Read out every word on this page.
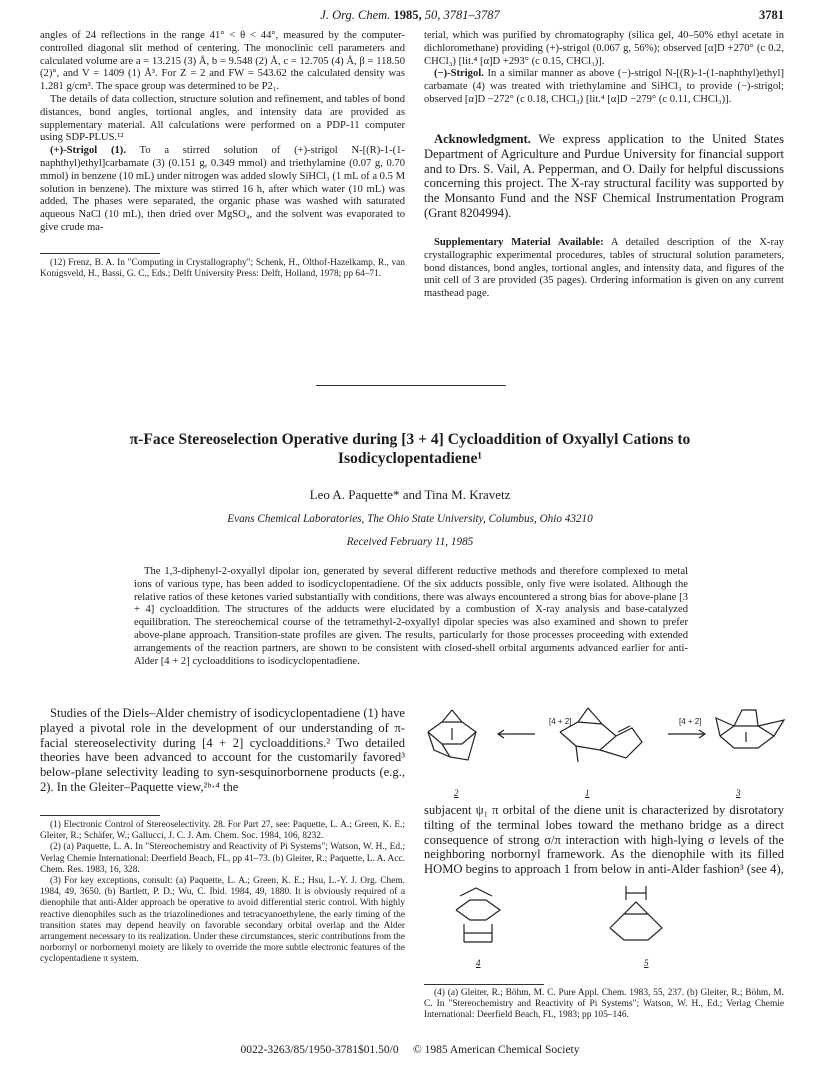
J. Org. Chem. 1985, 50, 3781–3787	3781

angles of 24 reflections in the range 41° < θ < 44°, measured by the computer-controlled diagonal slit method of centering. The monoclinic cell parameters and calculated volume are a = 13.215 (3) Å, b = 9.548 (2) Å, c = 12.705 (4) Å, β = 118.50 (2)°, and V = 1409 (1) Å³. For Z = 2 and FW = 543.62 the calculated density was 1.281 g/cm³. The space group was determined to be P2₁.

The details of data collection, structure solution and refinement, and tables of bond distances, bond angles, tortional angles, and intensity data are provided as supplementary material. All calculations were performed on a PDP-11 computer using SDP-PLUS.¹²

(+)-Strigol (1). To a stirred solution of (+)-strigol N-[(R)-1-(1-naphthyl)ethyl]carbamate (3) (0.151 g, 0.349 mmol) and triethylamine (0.07 g, 0.70 mmol) in benzene (10 mL) under nitrogen was added slowly SiHCl₃ (1 mL of a 0.5 M solution in benzene). The mixture was stirred 16 h, after which water (10 mL) was added. The phases were separated, the organic phase was washed with saturated aqueous NaCl (10 mL), then dried over MgSO₄, and the solvent was evaporated to give crude ma-

(12) Frenz, B. A. In "Computing in Crystallography"; Schenk, H., Olthof-Hazelkamp, R., van Konigsveld, H., Bassi, G. C., Eds.; Delft University Press: Delft, Holland, 1978; pp 64–71.

terial, which was purified by chromatography (silica gel, 40–50% ethyl acetate in dichloromethane) providing (+)-strigol (0.067 g, 56%); observed [α]D +270° (c 0.2, CHCl₃) [lit.⁴ [α]D +293° (c 0.15, CHCl₃)].

(−)-Strigol. In a similar manner as above (−)-strigol N-[(R)-1-(1-naphthyl)ethyl] carbamate (4) was treated with triethylamine and SiHCl₃ to provide (−)-strigol; observed [α]D −272° (c 0.18, CHCl₃) [lit.⁴ [α]D −279° (c 0.11, CHCl₃)].

Acknowledgment. We express application to the United States Department of Agriculture and Purdue University for financial support and to Drs. S. Vail, A. Pepperman, and O. Daily for helpful discussions concerning this project. The X-ray structural facility was supported by the Monsanto Fund and the NSF Chemical Instrumentation Program (Grant 8204994).

Supplementary Material Available: A detailed description of the X-ray crystallographic experimental procedures, tables of structural solution parameters, bond distances, bond angles, tortional angles, and intensity data, and figures of the unit cell of 3 are provided (35 pages). Ordering information is given on any current masthead page.

π-Face Stereoselection Operative during [3 + 4] Cycloaddition of Oxyallyl Cations to Isodicyclopentadiene¹
Leo A. Paquette* and Tina M. Kravetz
Evans Chemical Laboratories, The Ohio State University, Columbus, Ohio 43210
Received February 11, 1985

The 1,3-diphenyl-2-oxyallyl dipolar ion, generated by several different reductive methods and therefore complexed to metal ions of various type, has been added to isodicyclopentadiene. Of the six adducts possible, only five were isolated. Although the relative ratios of these ketones varied substantially with conditions, there was always encountered a strong bias for above-plane [3 + 4] cycloaddition. The structures of the adducts were elucidated by a combustion of X-ray analysis and base-catalyzed equilibration. The stereochemical course of the tetramethyl-2-oxyallyl dipolar species was also examined and shown to prefer above-plane approach. Transition-state profiles are given. The results, particularly for those processes proceeding with extended arrangements of the reaction partners, are shown to be consistent with closed-shell orbital arguments advanced earlier for anti-Alder [4 + 2] cycloadditions to isodicyclopentadiene.

Studies of the Diels–Alder chemistry of isodicyclopentadiene (1) have played a pivotal role in the development of our understanding of π-facial stereoselectivity during [4 + 2] cycloadditions.² Two detailed theories have been advanced to account for the customarily favored³ below-plane selectivity leading to syn-sesquinorbornene products (e.g., 2). In the Gleiter–Paquette view,²ᵇ·⁴ the

(1) Electronic Control of Stereoselectivity. 28. For Part 27, see: Paquette, L. A.; Green, K. E.; Gleiter, R.; Schäfer, W.; Gallucci, J. C. J. Am. Chem. Soc. 1984, 106, 8232.

(2) (a) Paquette, L. A. In "Stereochemistry and Reactivity of Pi Systems"; Watson, W. H., Ed.; Verlag Chemie International: Deerfield Beach, FL, pp 41–73. (b) Gleiter, R.; Paquette, L. A. Acc. Chem. Res. 1983, 16, 328.

(3) For key exceptions, consult: (a) Paquette, L. A.; Green, K. E.; Hsu, L.-Y. J. Org. Chem. 1984, 49, 3650. (b) Bartlett, P. D.; Wu, C. Ibid. 1984, 49, 1880. It is obviously required of a dienophile that anti-Alder approach be operative to avoid differential steric control. With highly reactive dienophiles such as the triazolinediones and tetracyanoethylene, the early timing of the transition states may depend heavily on favorable secondary orbital overlap and the Alder arrangement necessary to its realization. Under these circumstances, steric contributions from the norbornyl or norbornenyl moiety are likely to override the more subtle electronic features of the cyclopentadiene π system.

[4 + 2]	[4 + 2]
2	1	3

subjacent ψ₁ π orbital of the diene unit is characterized by disrotatory tilting of the terminal lobes toward the methano bridge as a direct consequence of strong σ/π interaction with high-lying σ levels of the neighboring norbornyl framework. As the dienophile with its filled HOMO begins to approach 1 from below in anti-Alder fashion³ (see 4),

4	5

(4) (a) Gleiter, R.; Böhm, M. C. Pure Appl. Chem. 1983, 55, 237. (b) Gleiter, R.; Böhm, M. C. In "Stereochemistry and Reactivity of Pi Systems"; Watson, W. H., Ed.; Verlag Chemie International: Deerfield Beach, FL, 1983; pp 105–146.

0022-3263/85/1950-3781$01.50/0 © 1985 American Chemical Society
